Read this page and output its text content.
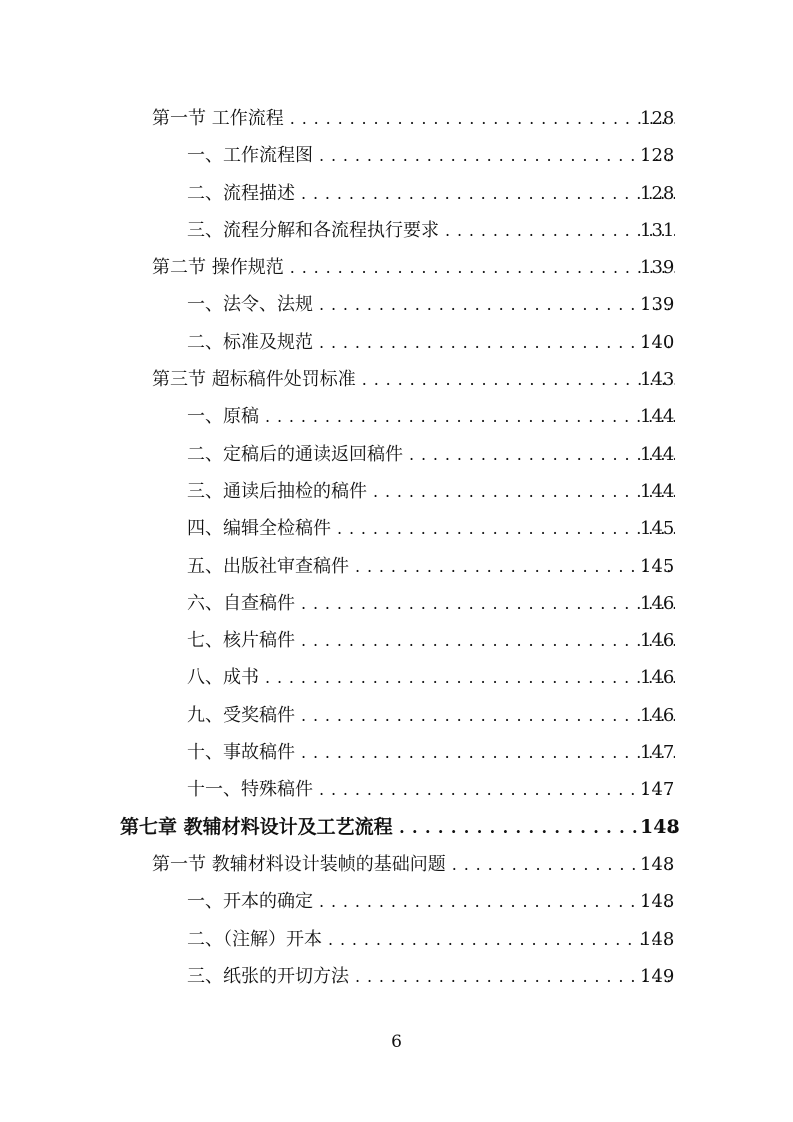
第一节 工作流程 . . .	128
一、工作流程图 . . .	128
二、流程描述 . . .	128
三、流程分解和各流程执行要求 . . .	131
第二节 操作规范 . . .	139
一、法令、法规 . . .	139
二、标准及规范 . . .	140
第三节 超标稿件处罚标准 . . .	143
一、原稿 . . .	144
二、定稿后的通读返回稿件 . . .	144
三、通读后抽检的稿件 . . .	144
四、编辑全检稿件 . . .	145
五、出版社审查稿件 . . .	145
六、自查稿件 . . .	146
七、核片稿件 . . .	146
八、成书 . . .	146
九、受奖稿件 . . .	146
十、事故稿件 . . .	147
十一、特殊稿件 . . .	147
第七章 教辅材料设计及工艺流程 . . .	148
第一节 教辅材料设计装帧的基础问题 . . .	148
一、开本的确定 . . .	148
二、（注解）开本 . . .	148
三、纸张的开切方法 . . .	149
6
